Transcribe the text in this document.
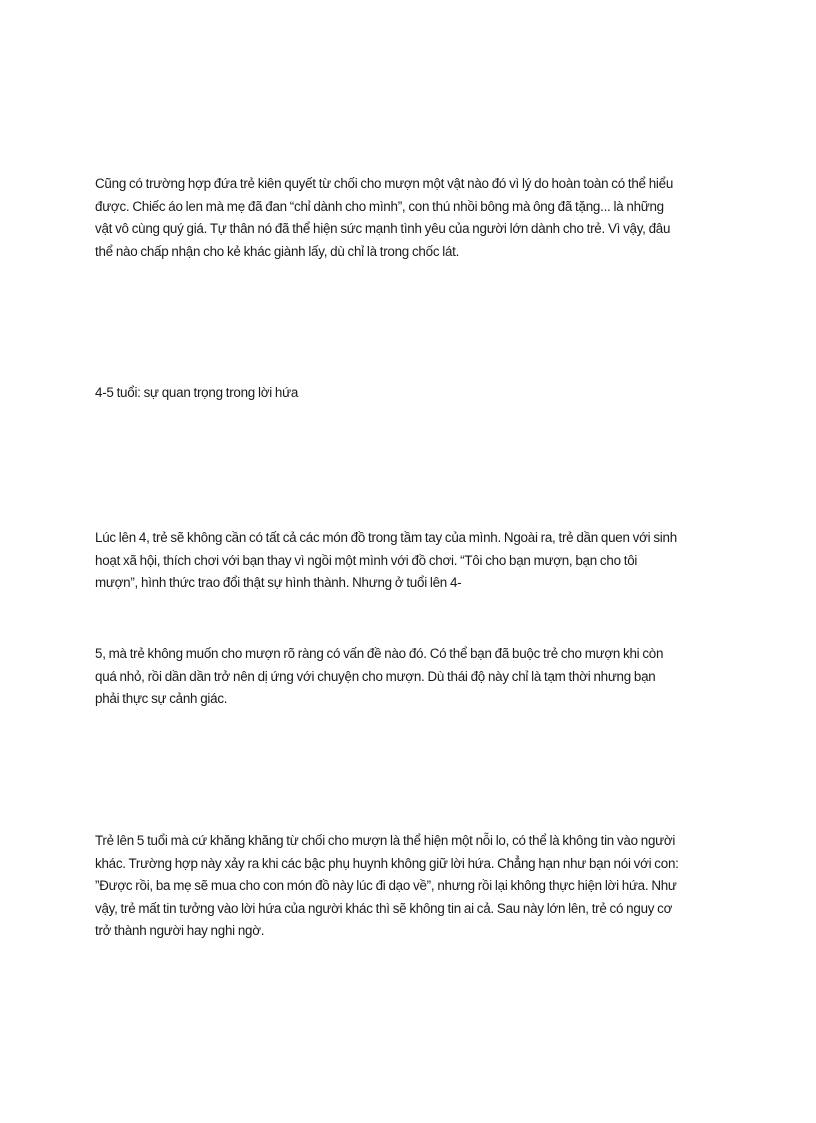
Cũng có trường hợp đứa trẻ kiên quyết từ chối cho mượn một vật nào đó vì lý do hoàn toàn có thể hiểu
được. Chiếc áo len mà mẹ đã đan “chỉ dành cho mình”, con thú nhồi bông mà ông đã tặng... là những
vật vô cùng quý giá. Tự thân nó đã thể hiện sức mạnh tình yêu của người lớn dành cho trẻ. Vì vậy, đâu
thể nào chấp nhận cho kẻ khác giành lấy, dù chỉ là trong chốc lát.

4-5 tuổi: sự quan trọng trong lời hứa

Lúc lên 4, trẻ sẽ không cần có tất cả các món đồ trong tầm tay của mình. Ngoài ra, trẻ dần quen với sinh
hoạt xã hội, thích chơi với bạn thay vì ngồi một mình với đồ chơi. “Tôi cho bạn mượn, bạn cho tôi
mượn”, hình thức trao đổi thật sự hình thành. Nhưng ở tuổi lên 4-

5, mà trẻ không muốn cho mượn rõ ràng có vấn đề nào đó. Có thể bạn đã buộc trẻ cho mượn khi còn
quá nhỏ, rồi dần dần trở nên dị ứng với chuyện cho mượn. Dù thái độ này chỉ là tạm thời nhưng bạn
phải thực sự cảnh giác.

Trẻ lên 5 tuổi mà cứ khăng khăng từ chối cho mượn là thể hiện một nỗi lo, có thể là không tin vào người
khác. Trường hợp này xảy ra khi các bậc phụ huynh không giữ lời hứa. Chẳng hạn như bạn nói với con:
”Được rồi, ba mẹ sẽ mua cho con món đồ này lúc đi dạo về”, nhưng rồi lại không thực hiện lời hứa. Như
vậy, trẻ mất tin tưởng vào lời hứa của người khác thì sẽ không tin ai cả. Sau này lớn lên, trẻ có nguy cơ
trở thành người hay nghi ngờ.
